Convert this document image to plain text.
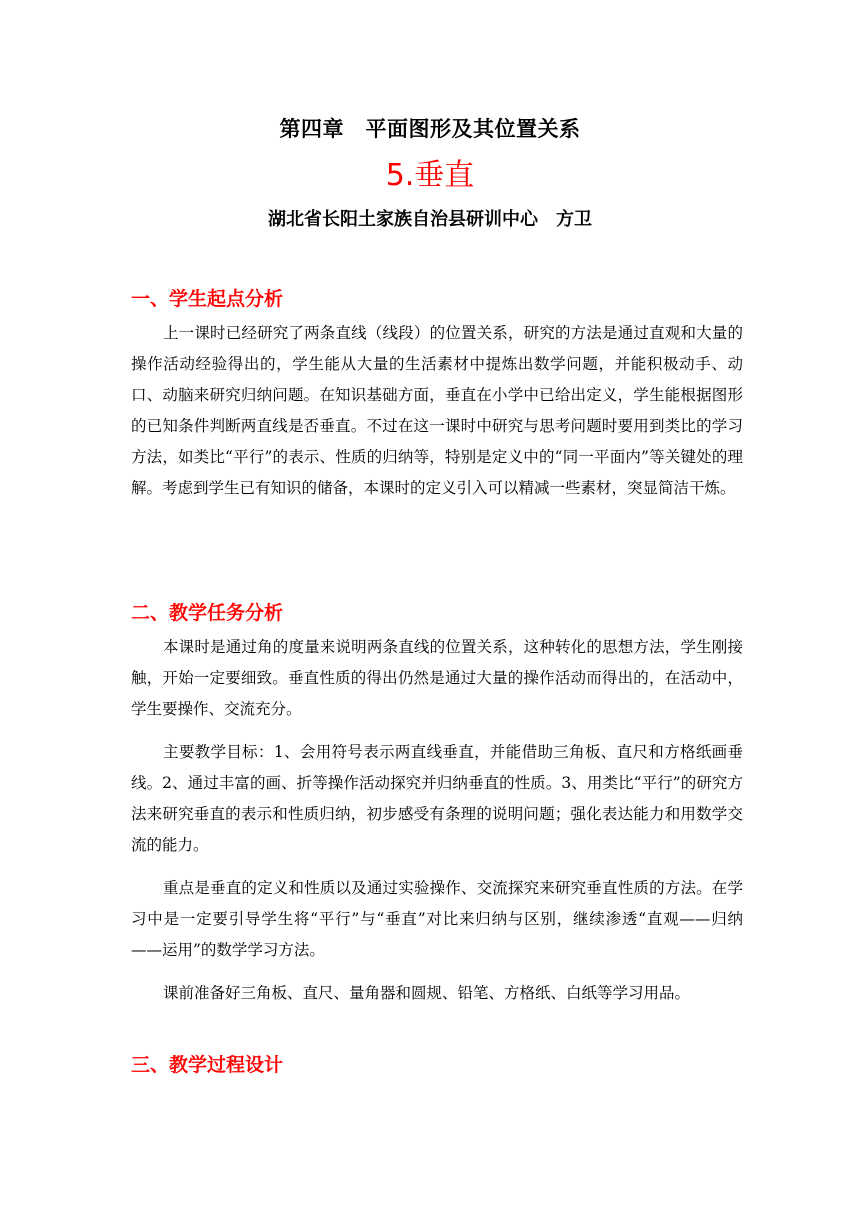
第四章　平面图形及其位置关系
5.垂直
湖北省长阳土家族自治县研训中心　方卫
一、学生起点分析

上一课时已经研究了两条直线（线段）的位置关系，研究的方法是通过直观和大量的操作活动经验得出的，学生能从大量的生活素材中提炼出数学问题，并能积极动手、动口、动脑来研究归纳问题。在知识基础方面，垂直在小学中已给出定义，学生能根据图形的已知条件判断两直线是否垂直。不过在这一课时中研究与思考问题时要用到类比的学习方法，如类比“平行”的表示、性质的归纳等，特别是定义中的“同一平面内”等关键处的理解。考虑到学生已有知识的储备，本课时的定义引入可以精减一些素材，突显简洁干炼。

二、教学任务分析

本课时是通过角的度量来说明两条直线的位置关系，这种转化的思想方法，学生刚接触，开始一定要细致。垂直性质的得出仍然是通过大量的操作活动而得出的，在活动中，学生要操作、交流充分。

主要教学目标：1、会用符号表示两直线垂直，并能借助三角板、直尺和方格纸画垂线。2、通过丰富的画、折等操作活动探究并归纳垂直的性质。3、用类比“平行”的研究方法来研究垂直的表示和性质归纳，初步感受有条理的说明问题；强化表达能力和用数学交流的能力。

重点是垂直的定义和性质以及通过实验操作、交流探究来研究垂直性质的方法。在学习中是一定要引导学生将“平行”与“垂直”对比来归纳与区别，继续渗透“直观——归纳——运用”的数学学习方法。

课前准备好三角板、直尺、量角器和圆规、铅笔、方格纸、白纸等学习用品。

三、教学过程设计
